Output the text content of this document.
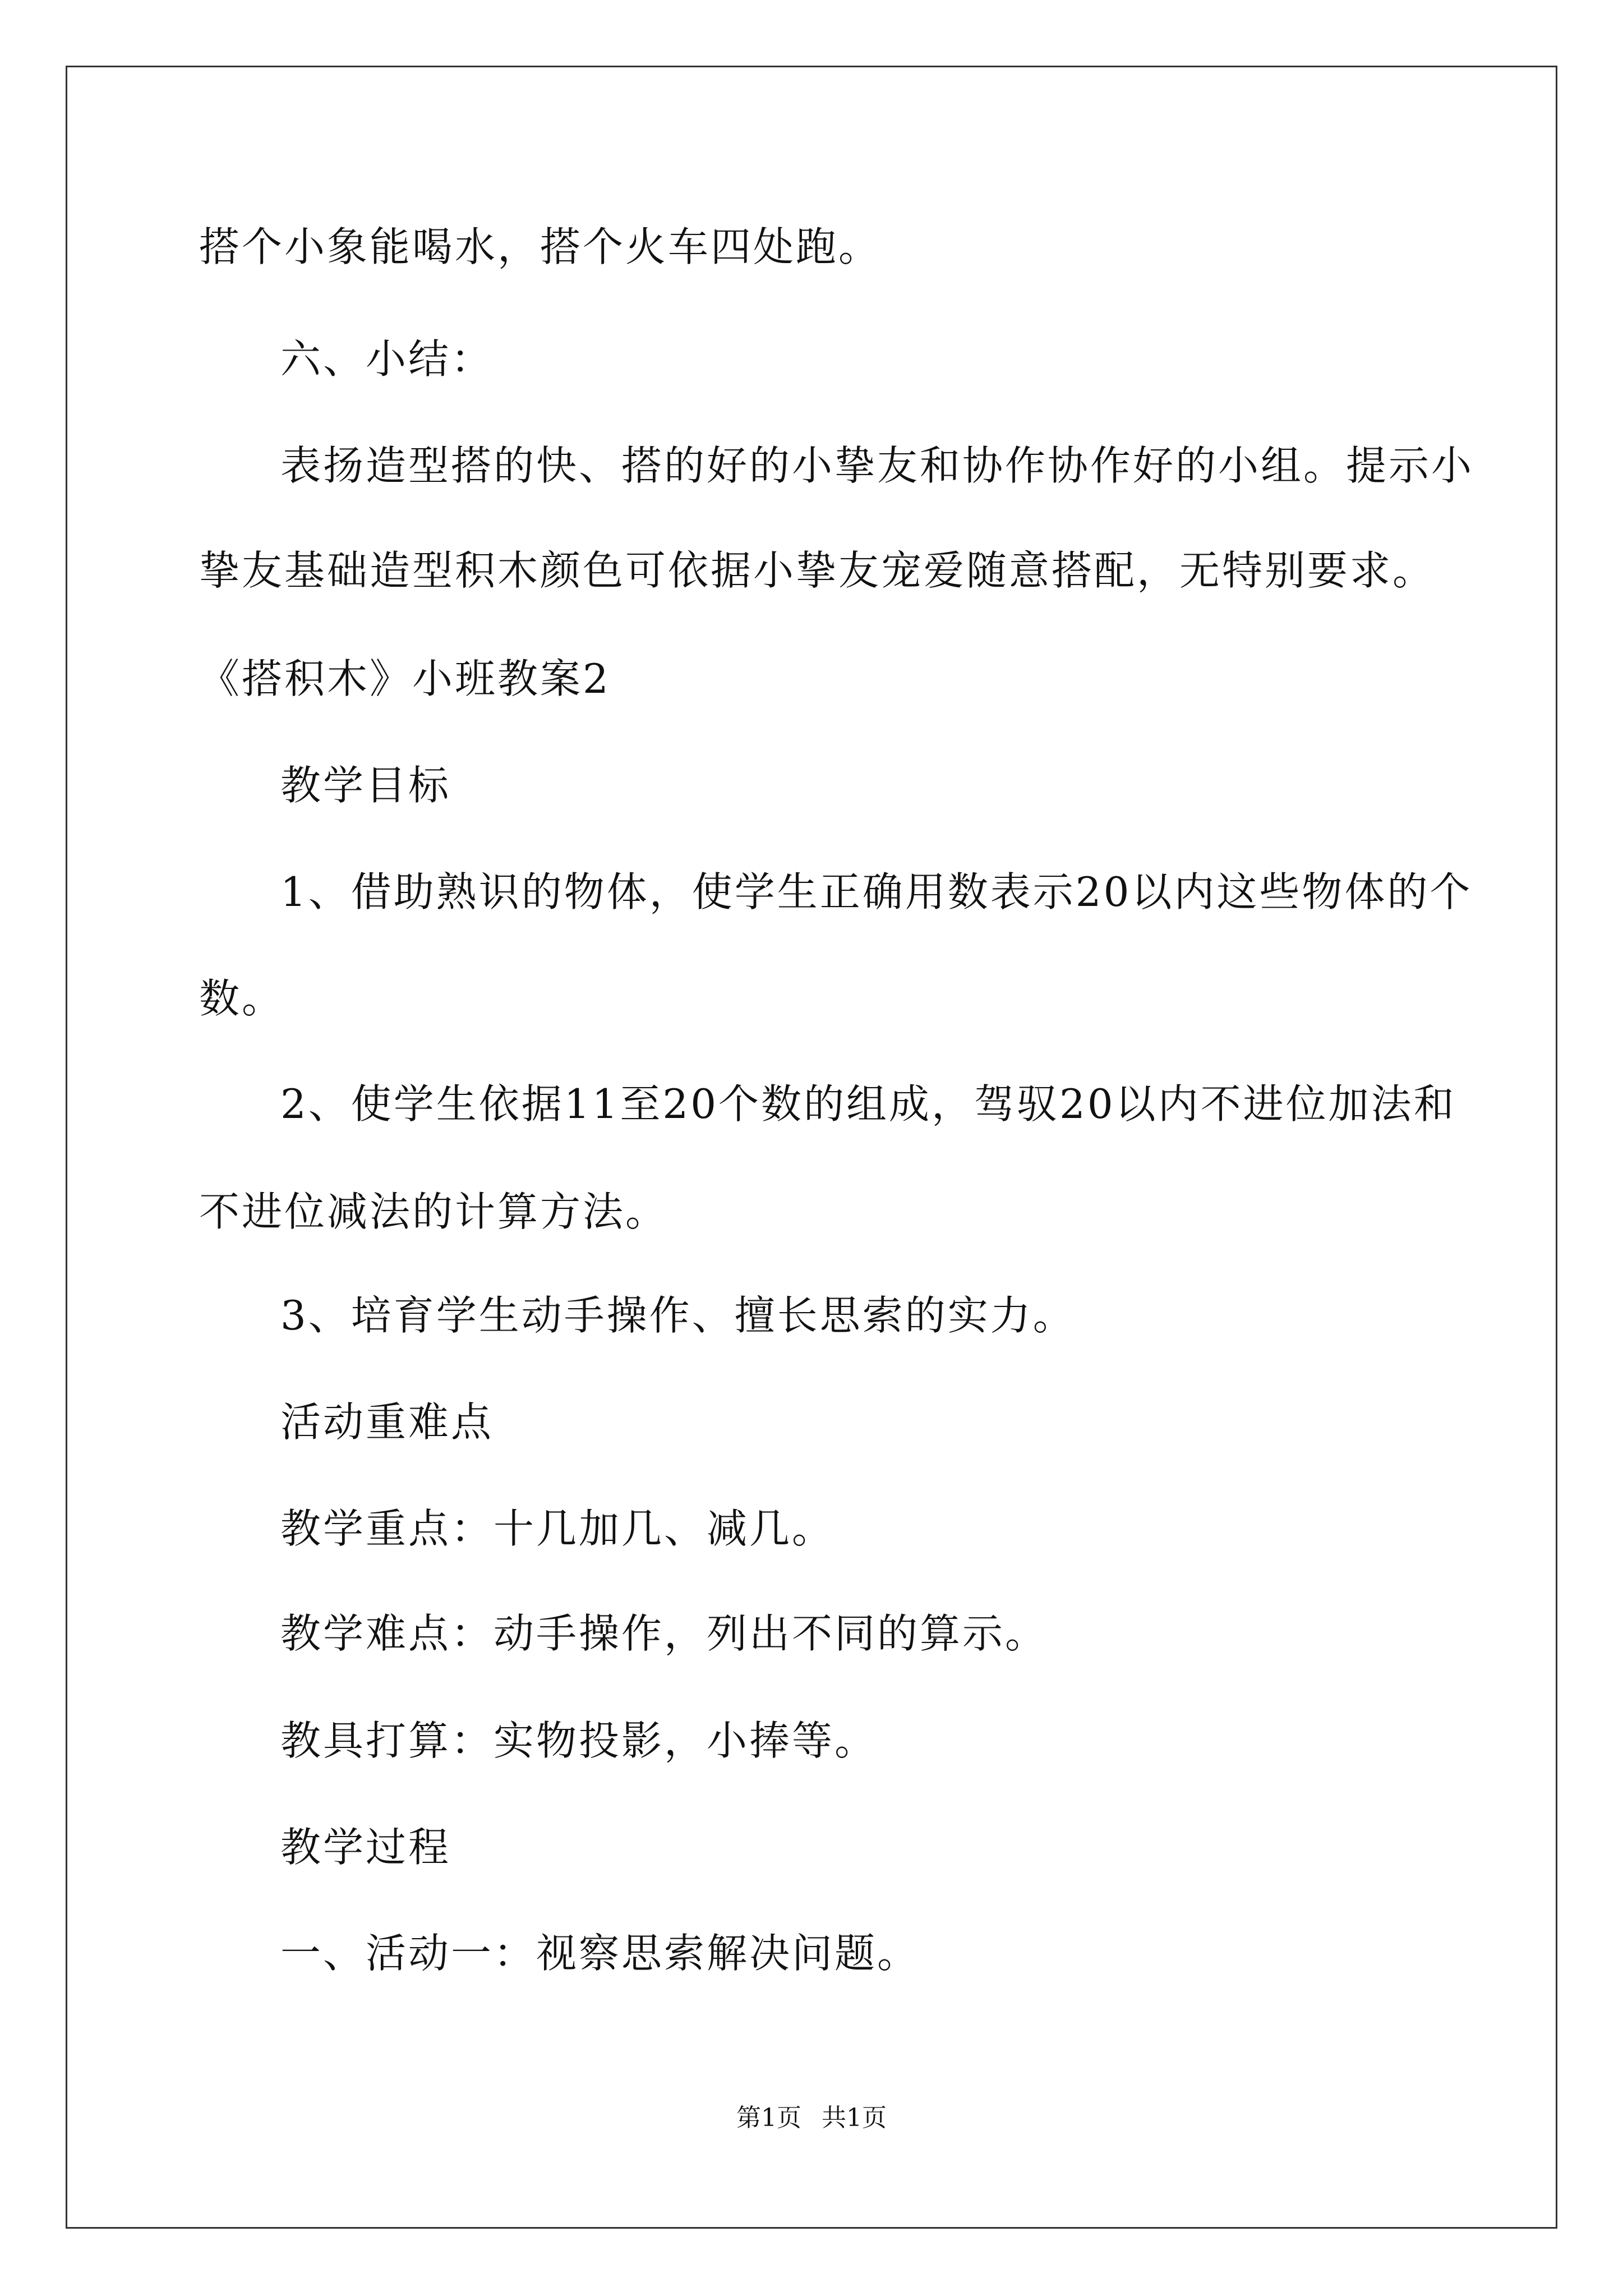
搭个小象能喝水，搭个火车四处跑。
六、小结：
表扬造型搭的快、搭的好的小挚友和协作协作好的小组。提示小
挚友基础造型积木颜色可依据小挚友宠爱随意搭配，无特别要求。
《搭积木》小班教案2
教学目标
1、借助熟识的物体，使学生正确用数表示20以内这些物体的个
数。
2、使学生依据11至20个数的组成，驾驭20以内不进位加法和
不进位减法的计算方法。
3、培育学生动手操作、擅长思索的实力。
活动重难点
教学重点：十几加几、减几。
教学难点：动手操作，列出不同的算示。
教具打算：实物投影，小捧等。
教学过程
一、活动一：视察思索解决问题。
第1页 共1页
